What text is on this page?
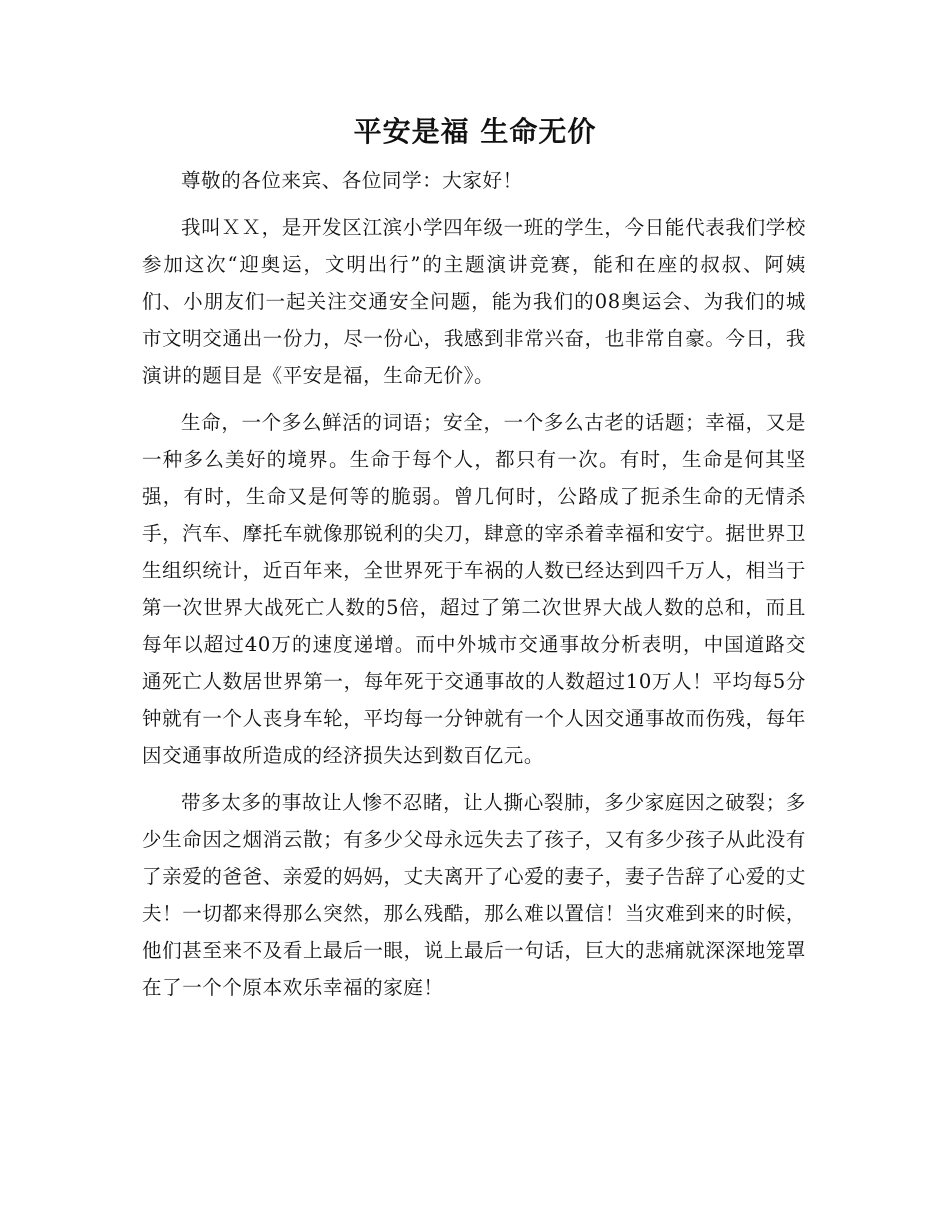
平安是福 生命无价

尊敬的各位来宾、各位同学：大家好！

我叫ＸＸ，是开发区江滨小学四年级一班的学生，今日能代表我们学校参加这次“迎奥运，文明出行”的主题演讲竞赛，能和在座的叔叔、阿姨们、小朋友们一起关注交通安全问题，能为我们的08奥运会、为我们的城市文明交通出一份力，尽一份心，我感到非常兴奋，也非常自豪。今日，我演讲的题目是《平安是福，生命无价》。

生命，一个多么鲜活的词语；安全，一个多么古老的话题；幸福，又是一种多么美好的境界。生命于每个人，都只有一次。有时，生命是何其坚强，有时，生命又是何等的脆弱。曾几何时，公路成了扼杀生命的无情杀手，汽车、摩托车就像那锐利的尖刀，肆意的宰杀着幸福和安宁。据世界卫生组织统计，近百年来，全世界死于车祸的人数已经达到四千万人，相当于第一次世界大战死亡人数的5倍，超过了第二次世界大战人数的总和，而且每年以超过40万的速度递增。而中外城市交通事故分析表明，中国道路交通死亡人数居世界第一，每年死于交通事故的人数超过10万人！平均每5分钟就有一个人丧身车轮，平均每一分钟就有一个人因交通事故而伤残，每年因交通事故所造成的经济损失达到数百亿元。

带多太多的事故让人惨不忍睹，让人撕心裂肺，多少家庭因之破裂；多少生命因之烟消云散；有多少父母永远失去了孩子，又有多少孩子从此没有了亲爱的爸爸、亲爱的妈妈，丈夫离开了心爱的妻子，妻子告辞了心爱的丈夫！一切都来得那么突然，那么残酷，那么难以置信！当灾难到来的时候，他们甚至来不及看上最后一眼，说上最后一句话，巨大的悲痛就深深地笼罩在了一个个原本欢乐幸福的家庭！
